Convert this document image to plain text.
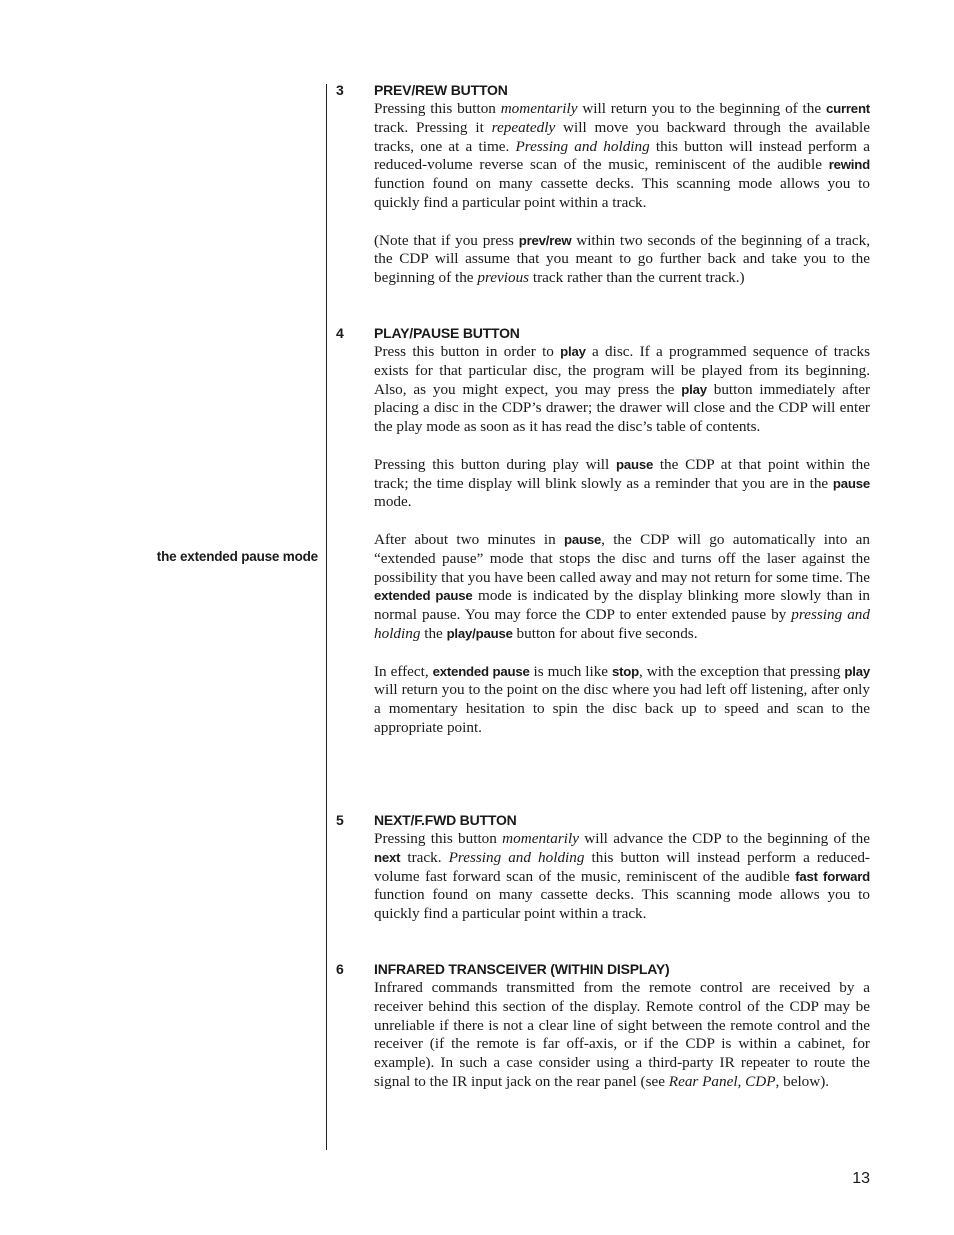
the extended pause mode
3	PREV/REW BUTTON

Pressing this button momentarily will return you to the beginning of the current track. Pressing it repeatedly will move you backward through the available tracks, one at a time. Pressing and holding this button will instead perform a reduced-volume reverse scan of the music, reminiscent of the audible rewind function found on many cassette decks. This scanning mode allows you to quickly find a particular point within a track.

(Note that if you press prev/rew within two seconds of the beginning of a track, the CDP will assume that you meant to go further back and take you to the beginning of the previous track rather than the current track.)

4	PLAY/PAUSE BUTTON

Press this button in order to play a disc. If a programmed sequence of tracks exists for that particular disc, the program will be played from its beginning. Also, as you might expect, you may press the play button immediately after placing a disc in the CDP’s drawer; the drawer will close and the CDP will enter the play mode as soon as it has read the disc’s table of contents.

Pressing this button during play will pause the CDP at that point within the track; the time display will blink slowly as a reminder that you are in the pause mode.

After about two minutes in pause, the CDP will go automatically into an “extended pause” mode that stops the disc and turns off the laser against the possibility that you have been called away and may not return for some time. The extended pause mode is indicated by the display blinking more slowly than in normal pause. You may force the CDP to enter extended pause by pressing and holding the play/pause button for about five seconds.

In effect, extended pause is much like stop, with the exception that pressing play will return you to the point on the disc where you had left off listening, after only a momentary hesitation to spin the disc back up to speed and scan to the appropriate point.

5	NEXT/F.FWD BUTTON

Pressing this button momentarily will advance the CDP to the beginning of the next track. Pressing and holding this button will instead perform a reduced-volume fast forward scan of the music, reminiscent of the audible fast forward function found on many cassette decks. This scanning mode allows you to quickly find a particular point within a track.

6	INFRARED TRANSCEIVER (WITHIN DISPLAY)

Infrared commands transmitted from the remote control are received by a receiver behind this section of the display. Remote control of the CDP may be unreliable if there is not a clear line of sight between the remote control and the receiver (if the remote is far off-axis, or if the CDP is within a cabinet, for example). In such a case consider using a third-party IR repeater to route the signal to the IR input jack on the rear panel (see Rear Panel, CDP, below).

13
